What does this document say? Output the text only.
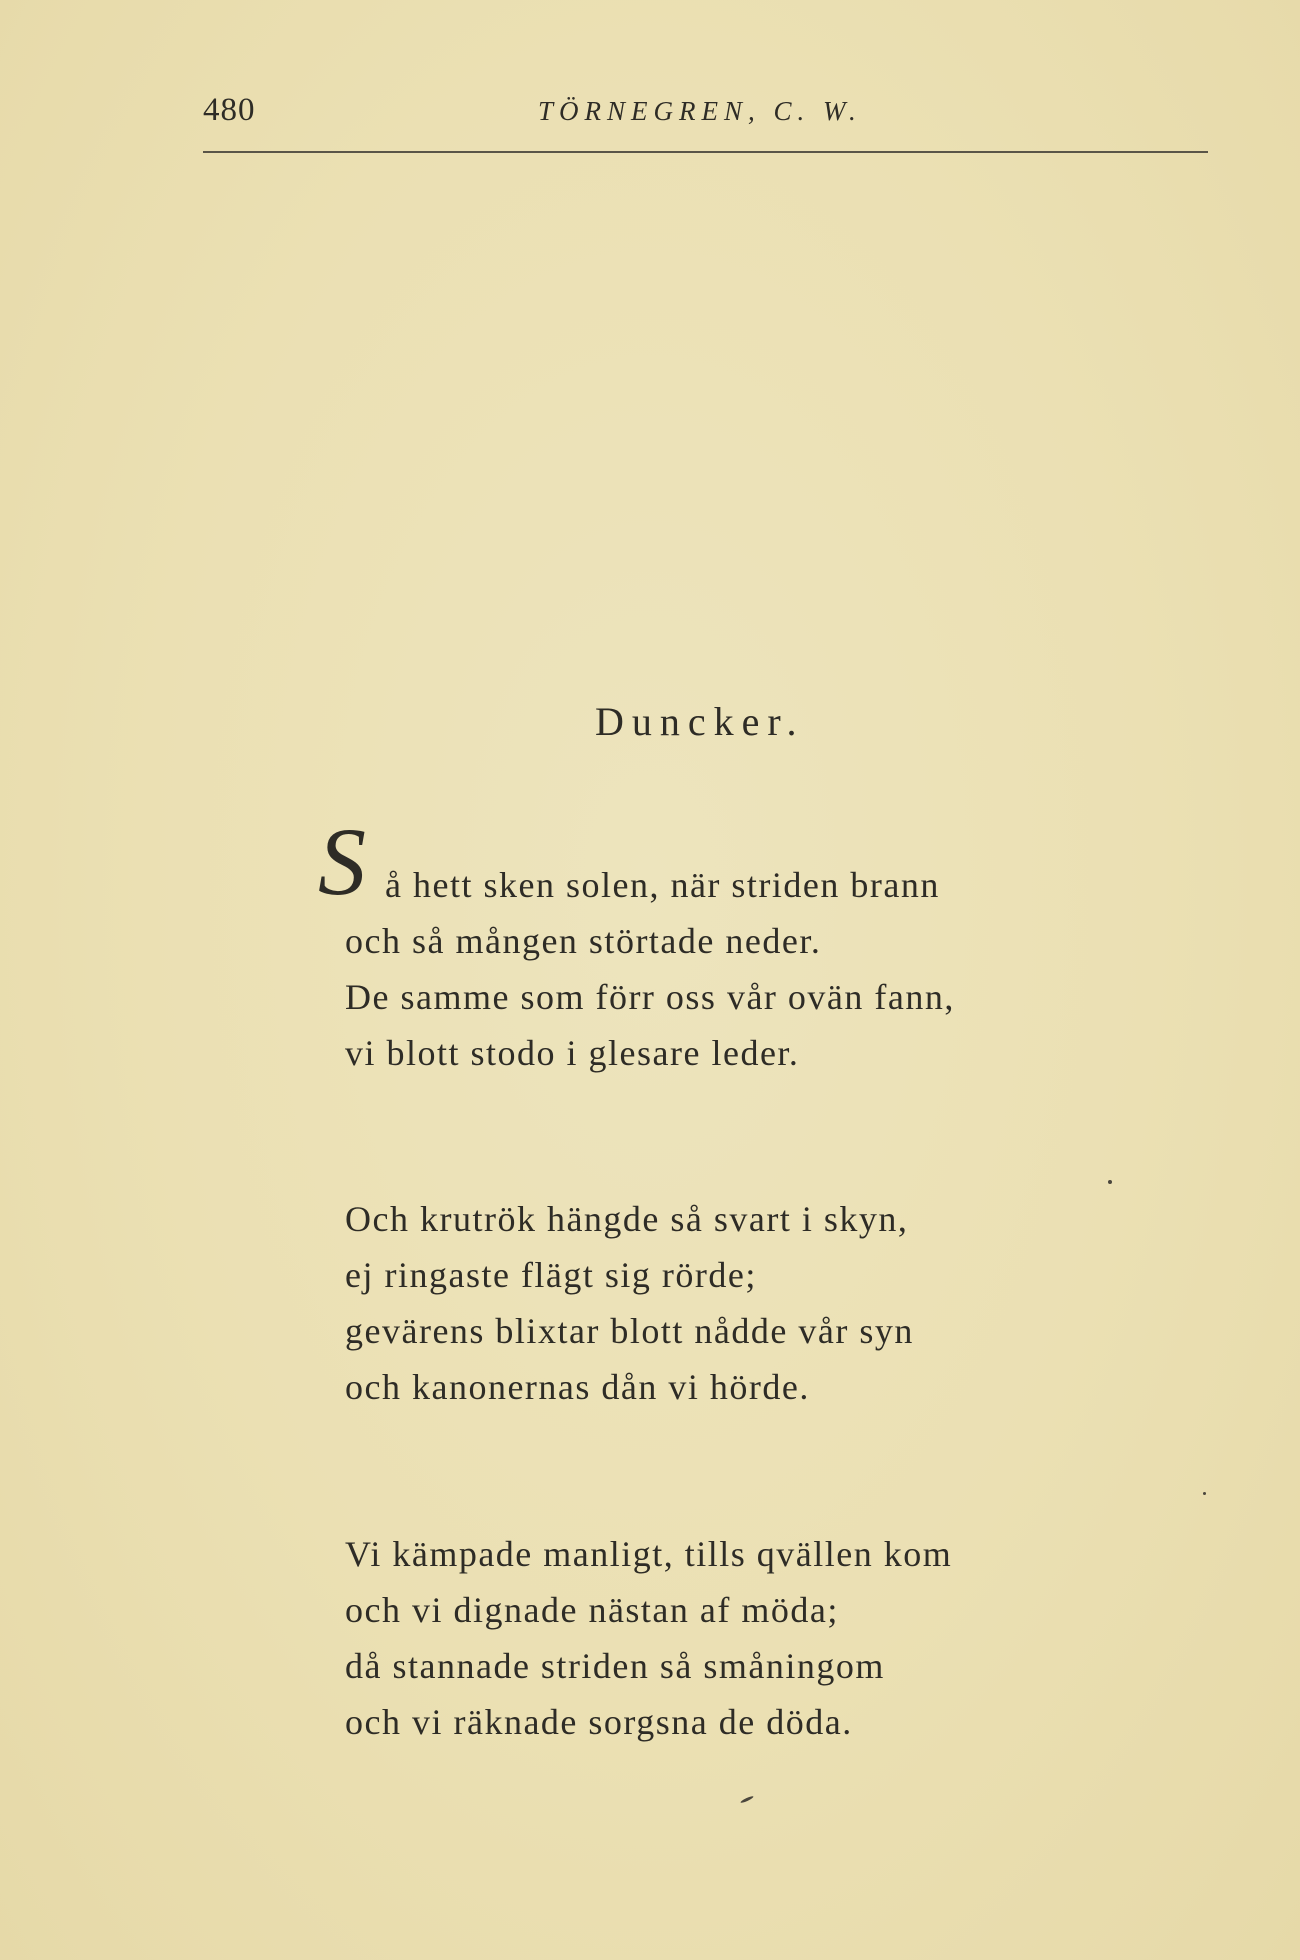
480	TÖRNEGREN, C. W.
Duncker.
S å hett sken solen, när striden brann
och så mången störtade neder.
De samme som förr oss vår ovän fann,
vi blott stodo i glesare leder.
Och krutrök hängde så svart i skyn,
ej ringaste flägt sig rörde;
gevärens blixtar blott nådde vår syn
och kanonernas dån vi hörde.
Vi kämpade manligt, tills qvällen kom
och vi dignade nästan af möda;
då stannade striden så småningom
och vi räknade sorgsna de döda.
